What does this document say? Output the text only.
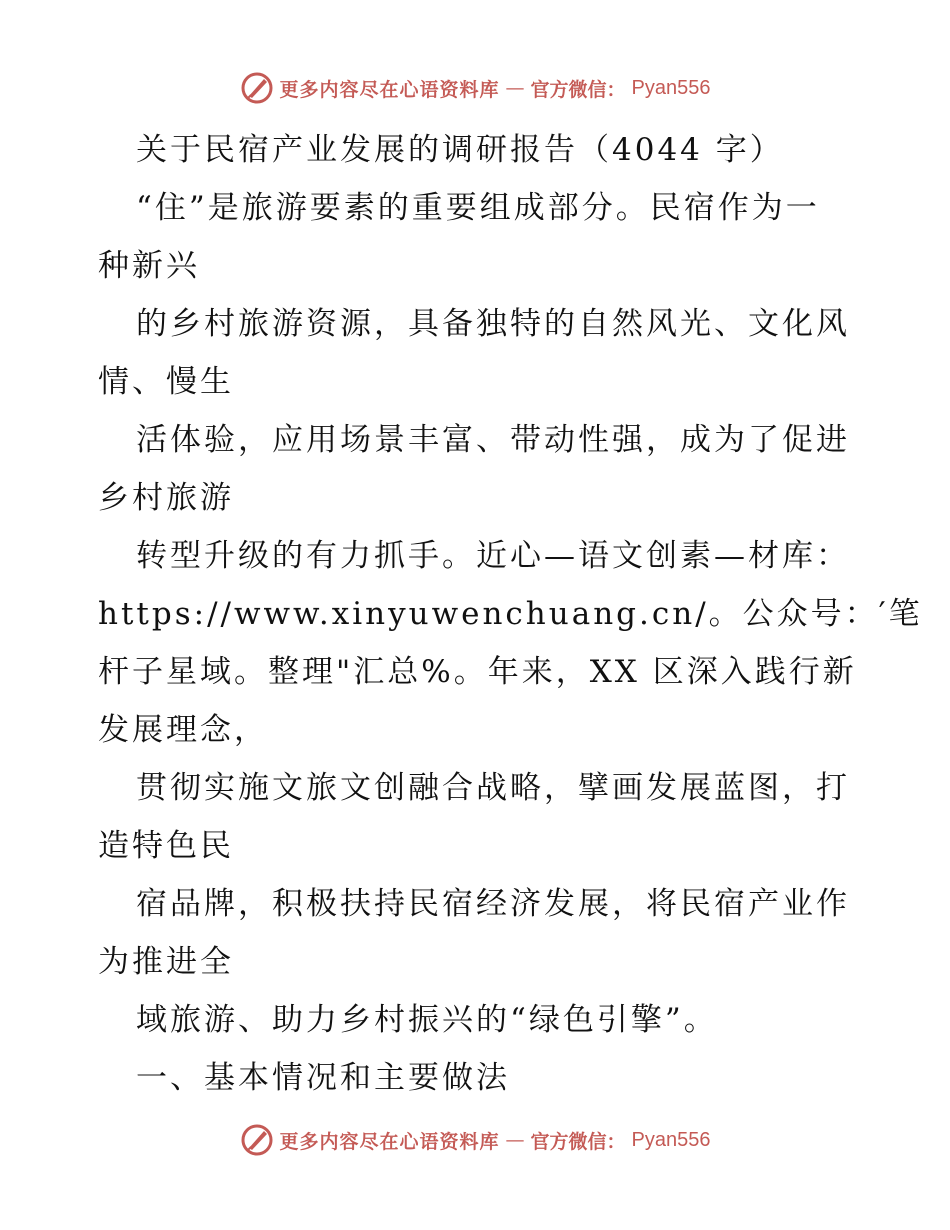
更多内容尽在心语资料库 — 官方微信： Pyan556
关于民宿产业发展的调研报告（4044 字）
“住”是旅游要素的重要组成部分。民宿作为一
种新兴
的乡村旅游资源，具备独特的自然风光、文化风
情、慢生
活体验，应用场景丰富、带动性强，成为了促进
乡村旅游
转型升级的有力抓手。近心—语文创素—材库：
https://www.xinyuwenchuang.cn/。公众号：′笔
杆子星域。整理"汇总%。年来，XX 区深入践行新
发展理念，
贯彻实施文旅文创融合战略，擘画发展蓝图，打
造特色民
宿品牌，积极扶持民宿经济发展，将民宿产业作
为推进全
域旅游、助力乡村振兴的“绿色引擎”。
一、基本情况和主要做法
更多内容尽在心语资料库 — 官方微信： Pyan556
